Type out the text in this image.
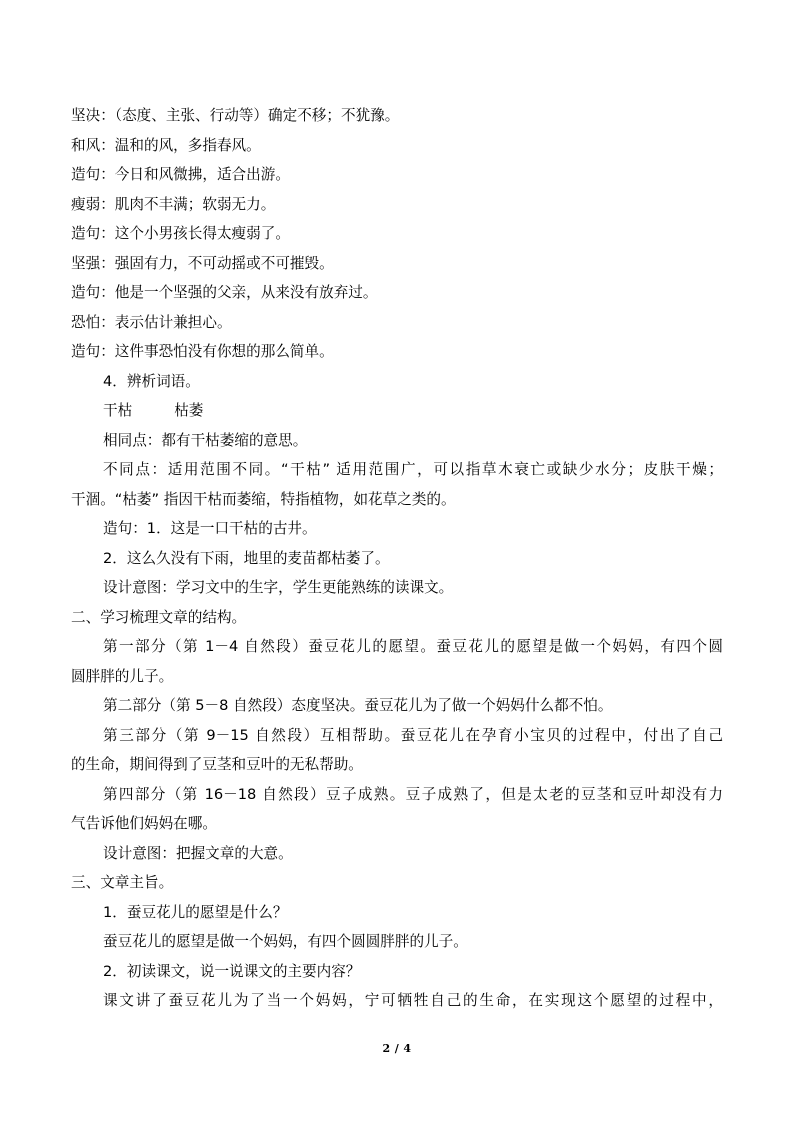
坚决：（态度、主张、行动等）确定不移；不犹豫。

和风：温和的风，多指春风。

造句：今日和风微拂，适合出游。

瘦弱：肌肉不丰满；软弱无力。

造句：这个小男孩长得太瘦弱了。

坚强：强固有力，不可动摇或不可摧毁。

造句：他是一个坚强的父亲，从来没有放弃过。

恐怕：表示估计兼担心。

造句：这件事恐怕没有你想的那么简单。

4．辨析词语。

干枯	枯萎

相同点：都有干枯萎缩的意思。

不同点：适用范围不同。“干枯” 适用范围广，可以指草木衰亡或缺少水分；皮肤干燥；

干涸。“枯萎” 指因干枯而萎缩，特指植物，如花草之类的。

造句：1．这是一口干枯的古井。

2．这么久没有下雨，地里的麦苗都枯萎了。

设计意图：学习文中的生字，学生更能熟练的读课文。

二、学习梳理文章的结构。

第一部分（第 1－4 自然段）蚕豆花儿的愿望。蚕豆花儿的愿望是做一个妈妈，有四个圆

圆胖胖的儿子。

第二部分（第 5－8 自然段）态度坚决。蚕豆花儿为了做一个妈妈什么都不怕。

第三部分（第 9－15 自然段）互相帮助。蚕豆花儿在孕育小宝贝的过程中，付出了自己

的生命，期间得到了豆茎和豆叶的无私帮助。

第四部分（第 16－18 自然段）豆子成熟。豆子成熟了，但是太老的豆茎和豆叶却没有力

气告诉他们妈妈在哪。

设计意图：把握文章的大意。

三、文章主旨。

1．蚕豆花儿的愿望是什么？

蚕豆花儿的愿望是做一个妈妈，有四个圆圆胖胖的儿子。

2．初读课文，说一说课文的主要内容？

课文讲了蚕豆花儿为了当一个妈妈，宁可牺牲自己的生命，在实现这个愿望的过程中，

2 / 4
